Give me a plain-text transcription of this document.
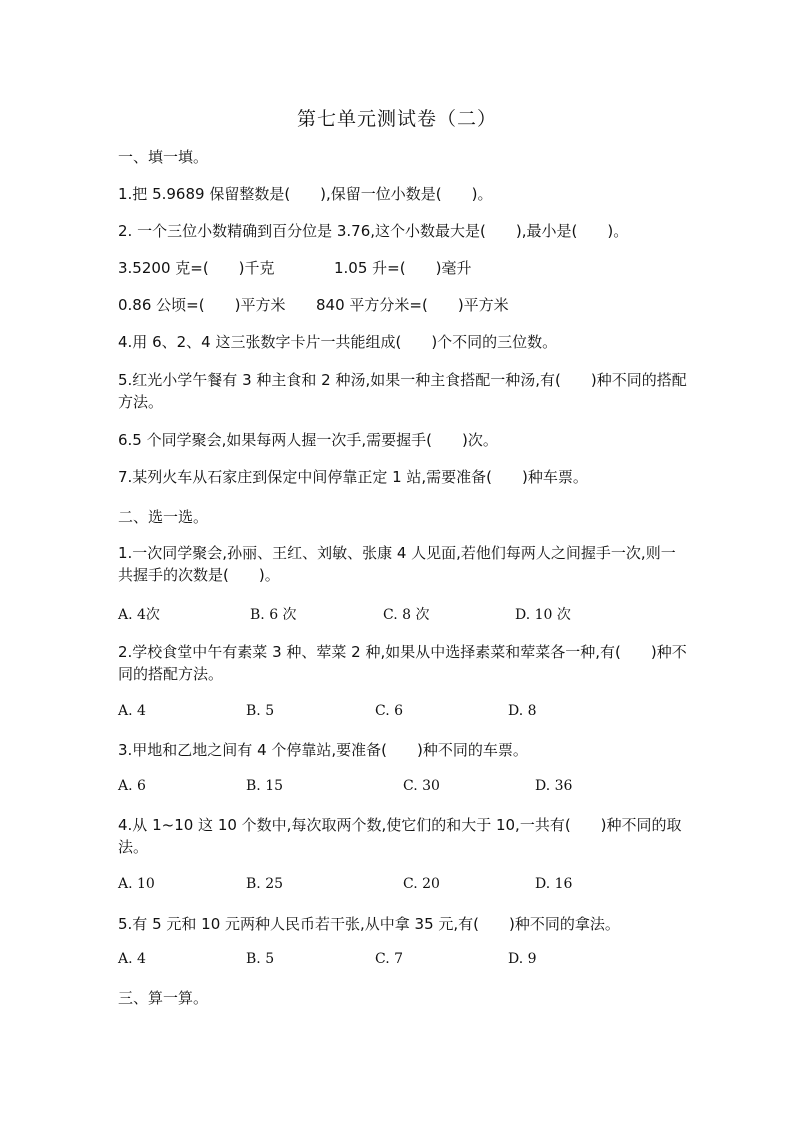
第七单元测试卷（二）
一、填一填。
1.把 5.9689 保留整数是(　　),保留一位小数是(　　)。
2. 一个三位小数精确到百分位是 3.76,这个小数最大是(　　),最小是(　　)。
3.5200 克=(　　)千克	1.05 升=(　　)毫升
0.86 公顷=(　　)平方米	840 平方分米=(　　)平方米
4.用 6、2、4 这三张数字卡片一共能组成(　　)个不同的三位数。
5.红光小学午餐有 3 种主食和 2 种汤,如果一种主食搭配一种汤,有(　　)种不同的搭配方法。
6.5 个同学聚会,如果每两人握一次手,需要握手(　　)次。
7.某列火车从石家庄到保定中间停靠正定 1 站,需要准备(　　)种车票。
二、选一选。
1.一次同学聚会,孙丽、王红、刘敏、张康 4 人见面,若他们每两人之间握手一次,则一共握手的次数是(　　)。
A. 4次	B. 6 次	C. 8 次	D. 10 次
2.学校食堂中午有素菜 3 种、荤菜 2 种,如果从中选择素菜和荤菜各一种,有(　　)种不同的搭配方法。
A. 4	B. 5	C. 6	D. 8
3.甲地和乙地之间有 4 个停靠站,要准备(　　)种不同的车票。
A. 6	B. 15	C. 30	D. 36
4.从 1~10 这 10 个数中,每次取两个数,使它们的和大于 10,一共有(　　)种不同的取法。
A. 10	B. 25	C. 20	D. 16
5.有 5 元和 10 元两种人民币若干张,从中拿 35 元,有(　　)种不同的拿法。
A. 4	B. 5	C. 7	D. 9
三、算一算。
